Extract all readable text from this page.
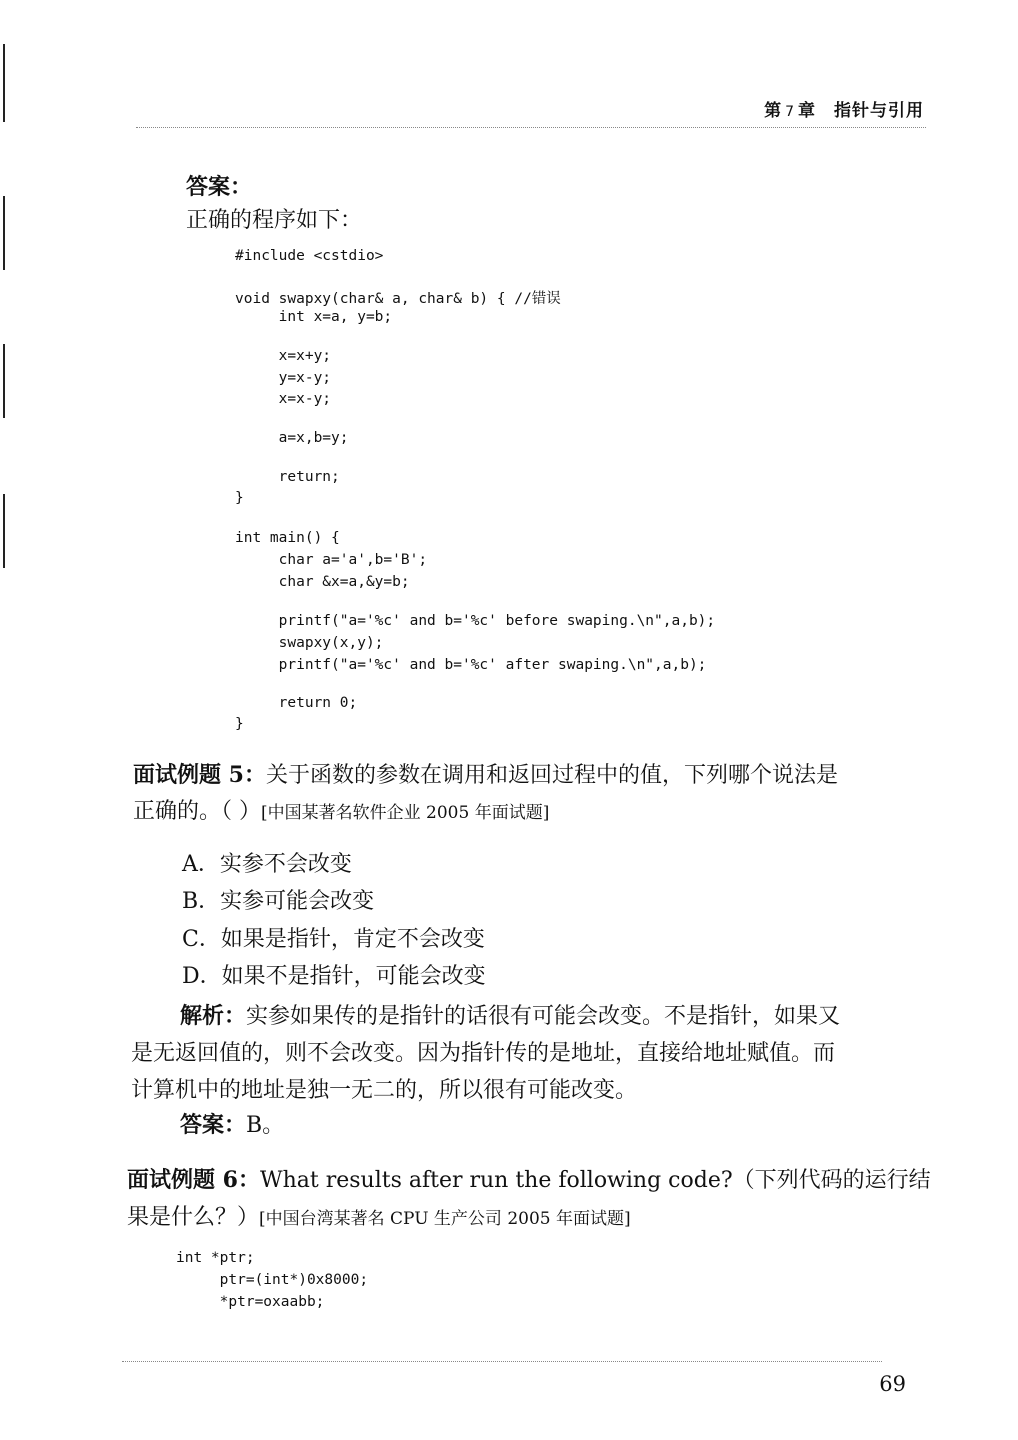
第 7 章 指针与引用
答案：
正确的程序如下：

#include <cstdio>

void swapxy(char& a, char& b) { //错误

int x=a, y=b;

x=x+y;

y=x-y;

x=x-y;

a=x,b=y;

return;

}

int main() {

char a='a',b='B';

char &x=a,&y=b;

printf("a='%c' and b='%c' before swaping.\n",a,b);

swapxy(x,y);

printf("a='%c' and b='%c' after swaping.\n",a,b);

return 0;

}

面试例题 5：关于函数的参数在调用和返回过程中的值，下列哪个说法是
正确的。（ ）[中国某著名软件企业 2005 年面试题]
A．实参不会改变
B．实参可能会改变
C．如果是指针，肯定不会改变
D．如果不是指针，可能会改变
解析：实参如果传的是指针的话很有可能会改变。不是指针，如果又
是无返回值的，则不会改变。因为指针传的是地址，直接给地址赋值。而
计算机中的地址是独一无二的，所以很有可能改变。
答案：B。
面试例题 6：What results after run the following code?（下列代码的运行结
果是什么？）[中国台湾某著名 CPU 生产公司 2005 年面试题]

int *ptr;

ptr=(int*)0x8000;

*ptr=oxaabb;

69
